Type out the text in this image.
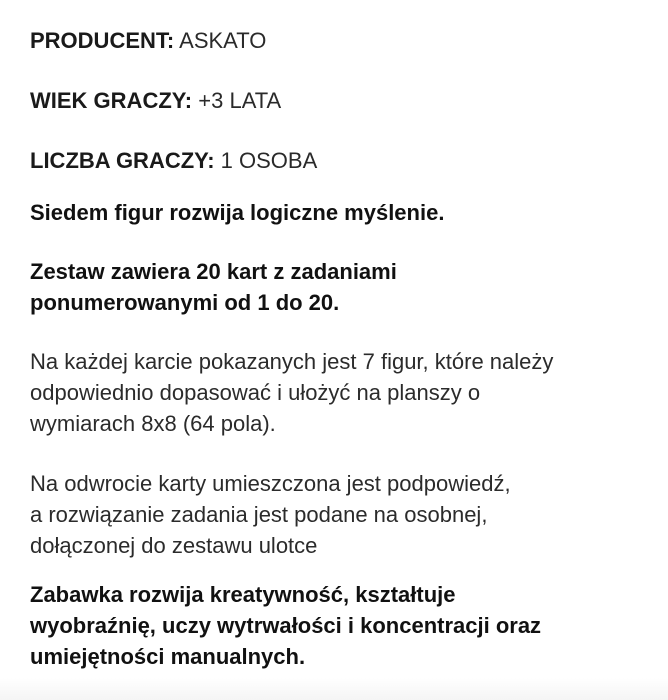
PRODUCENT: ASKATO

WIEK GRACZY: +3 LATA

LICZBA GRACZY: 1 OSOBA

Siedem figur rozwija logiczne myślenie.

Zestaw zawiera 20 kart z zadaniami
ponumerowanymi od 1 do 20.

Na każdej karcie pokazanych jest 7 figur, które należy
odpowiednio dopasować i ułożyć na planszy o
wymiarach 8x8 (64 pola).

Na odwrocie karty umieszczona jest podpowiedź,
a rozwiązanie zadania jest podane na osobnej,
dołączonej do zestawu ulotce

Zabawka rozwija kreatywność, kształtuje
wyobraźnię, uczy wytrwałości i koncentracji oraz
umiejętności manualnych.
